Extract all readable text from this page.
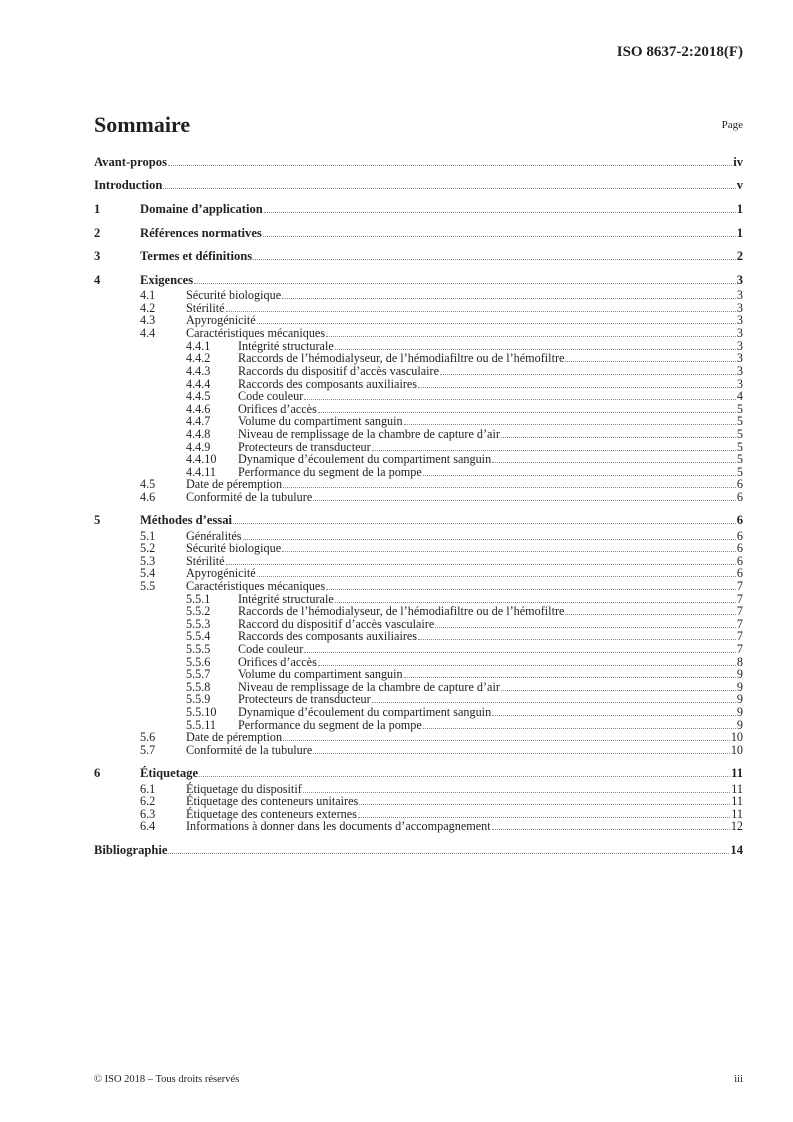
ISO 8637-2:2018(F)
Sommaire	Page
Avant-propos	iv
Introduction	v
1	Domaine d’application	1
2	Références normatives	1
3	Termes et définitions	2
4	Exigences	3
4.1	Sécurité biologique	3
4.2	Stérilité	3
4.3	Apyrogénicité	3
4.4	Caractéristiques mécaniques	3
4.4.1	Intégrité structurale	3
4.4.2	Raccords de l’hémodialyseur, de l’hémodiafiltre ou de l’hémofiltre	3
4.4.3	Raccords du dispositif d’accès vasculaire	3
4.4.4	Raccords des composants auxiliaires	3
4.4.5	Code couleur	4
4.4.6	Orifices d’accès	5
4.4.7	Volume du compartiment sanguin	5
4.4.8	Niveau de remplissage de la chambre de capture d’air	5
4.4.9	Protecteurs de transducteur	5
4.4.10	Dynamique d’écoulement du compartiment sanguin	5
4.4.11	Performance du segment de la pompe	5
4.5	Date de péremption	6
4.6	Conformité de la tubulure	6
5	Méthodes d’essai	6
5.1	Généralités	6
5.2	Sécurité biologique	6
5.3	Stérilité	6
5.4	Apyrogénicité	6
5.5	Caractéristiques mécaniques	7
5.5.1	Intégrité structurale	7
5.5.2	Raccords de l’hémodialyseur, de l’hémodiafiltre ou de l’hémofiltre	7
5.5.3	Raccord du dispositif d’accès vasculaire	7
5.5.4	Raccords des composants auxiliaires	7
5.5.5	Code couleur	7
5.5.6	Orifices d’accès	8
5.5.7	Volume du compartiment sanguin	9
5.5.8	Niveau de remplissage de la chambre de capture d’air	9
5.5.9	Protecteurs de transducteur	9
5.5.10	Dynamique d’écoulement du compartiment sanguin	9
5.5.11	Performance du segment de la pompe	9
5.6	Date de péremption	10
5.7	Conformité de la tubulure	10
6	Étiquetage	11
6.1	Étiquetage du dispositif	11
6.2	Étiquetage des conteneurs unitaires	11
6.3	Étiquetage des conteneurs externes	11
6.4	Informations à donner dans les documents d’accompagnement	12
Bibliographie	14
© ISO 2018 – Tous droits réservés	iii
